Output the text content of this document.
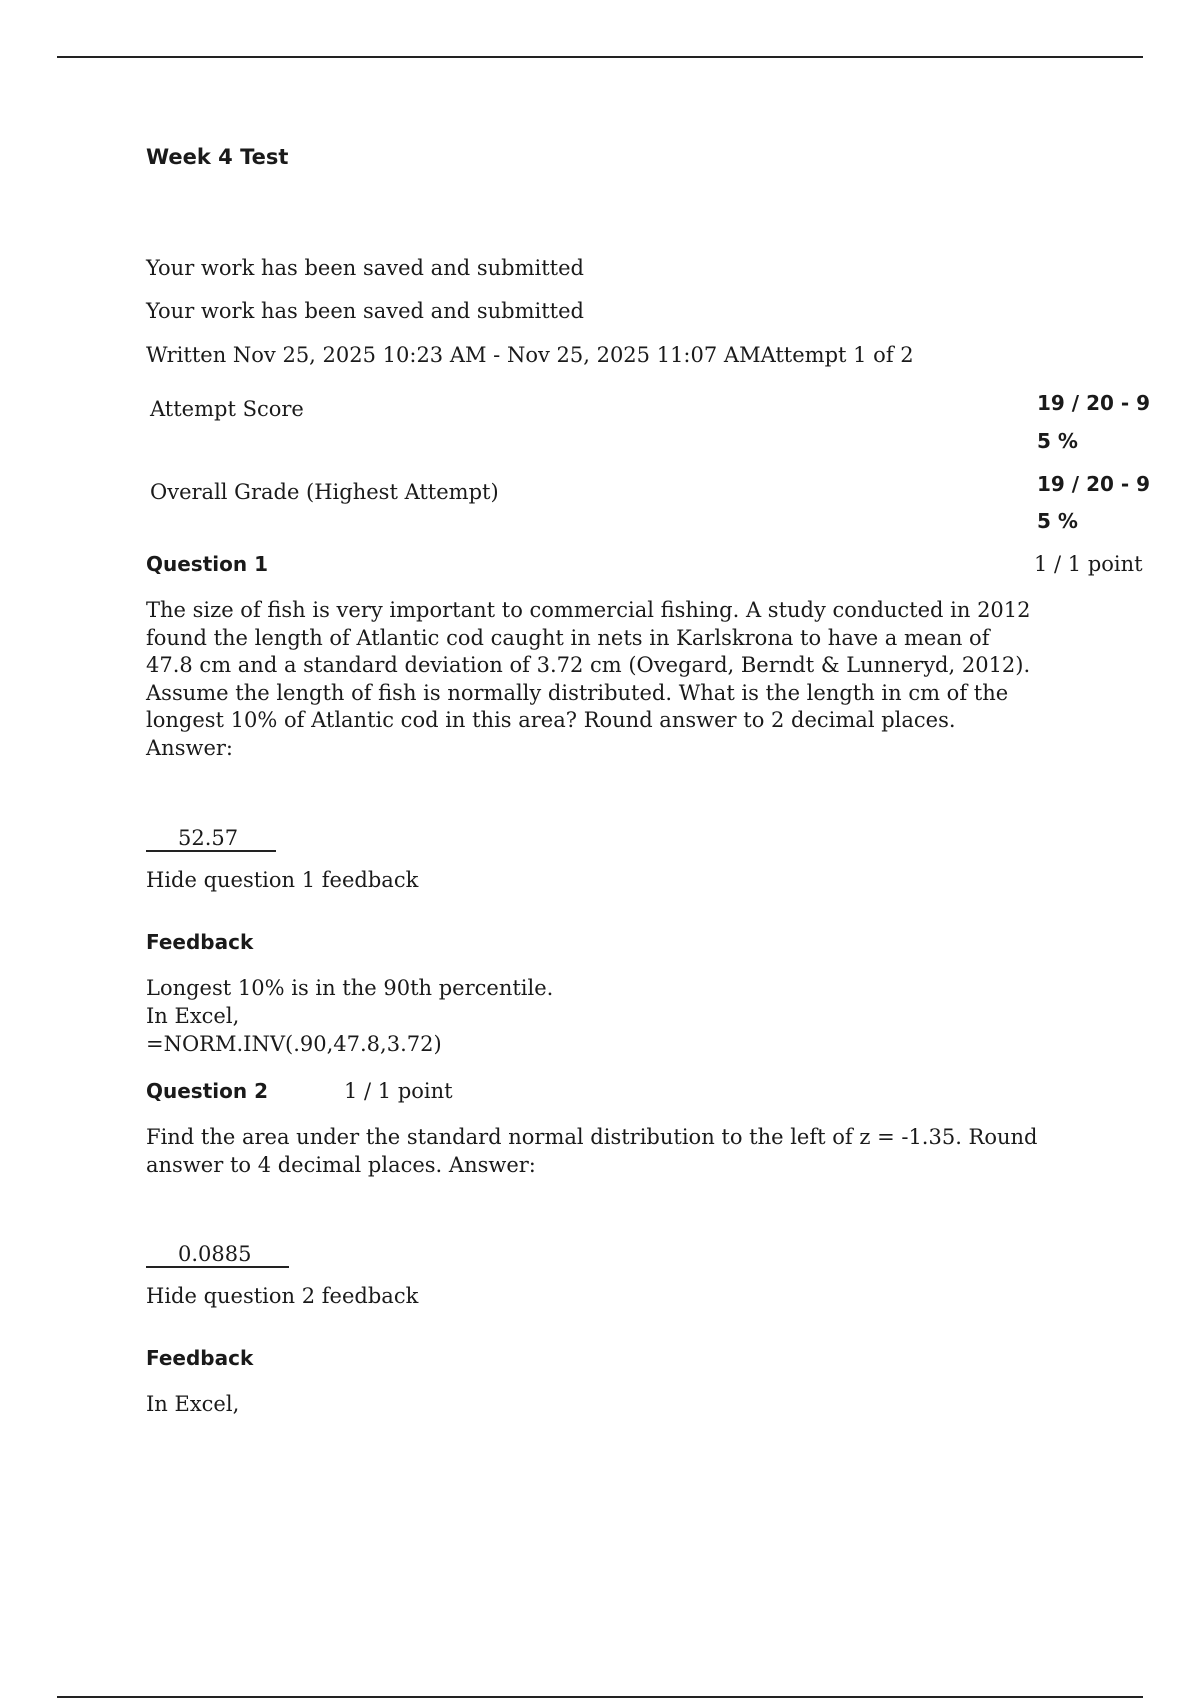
Week 4 Test
Your work has been saved and submitted
Your work has been saved and submitted
Written Nov 25, 2025 10:23 AM - Nov 25, 2025 11:07 AMAttempt 1 of 2
Attempt Score	19 / 20 - 9
5 %
Overall Grade (Highest Attempt)	19 / 20 - 9
5 %
Question 1	1 / 1 point
The size of fish is very important to commercial fishing. A study conducted in 2012
found the length of Atlantic cod caught in nets in Karlskrona to have a mean of
47.8 cm and a standard deviation of 3.72 cm (Ovegard, Berndt & Lunneryd, 2012).
Assume the length of fish is normally distributed. What is the length in cm of the
longest 10% of Atlantic cod in this area? Round answer to 2 decimal places.
Answer:
52.57
Hide question 1 feedback
Feedback
Longest 10% is in the 90th percentile.
In Excel,
=NORM.INV(.90,47.8,3.72)
Question 2	1 / 1 point
Find the area under the standard normal distribution to the left of z = -1.35. Round
answer to 4 decimal places. Answer:
0.0885
Hide question 2 feedback
Feedback
In Excel,
